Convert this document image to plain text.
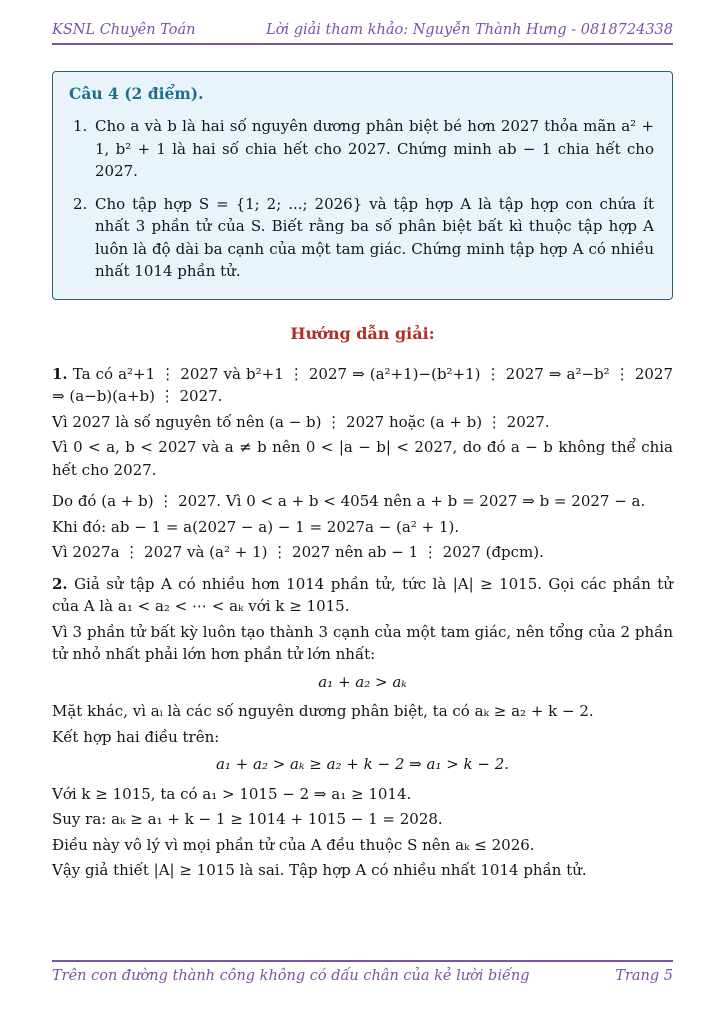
KSNL Chuyên Toán	Lời giải tham khảo: Nguyễn Thành Hưng - 0818724338
Câu 4 (2 điểm).
1. Cho a và b là hai số nguyên dương phân biệt bé hơn 2027 thỏa mãn a² + 1, b² + 1 là hai số chia hết cho 2027. Chứng minh ab − 1 chia hết cho 2027.
2. Cho tập hợp S = {1; 2; ...; 2026} và tập hợp A là tập hợp con chứa ít nhất 3 phần tử của S. Biết rằng ba số phân biệt bất kì thuộc tập hợp A luôn là độ dài ba cạnh của một tam giác. Chứng minh tập hợp A có nhiều nhất 1014 phần tử.
Hướng dẫn giải:

1. Ta có a²+1 ⋮ 2027 và b²+1 ⋮ 2027 ⇒ (a²+1)−(b²+1) ⋮ 2027 ⇒ a²−b² ⋮ 2027 ⇒ (a−b)(a+b) ⋮ 2027.

Vì 2027 là số nguyên tố nên (a − b) ⋮ 2027 hoặc (a + b) ⋮ 2027.

Vì 0 < a, b < 2027 và a ≠ b nên 0 < |a − b| < 2027, do đó a − b không thể chia hết cho 2027.

Do đó (a + b) ⋮ 2027. Vì 0 < a + b < 4054 nên a + b = 2027 ⇒ b = 2027 − a.

Khi đó: ab − 1 = a(2027 − a) − 1 = 2027a − (a² + 1).

Vì 2027a ⋮ 2027 và (a² + 1) ⋮ 2027 nên ab − 1 ⋮ 2027 (đpcm).

2. Giả sử tập A có nhiều hơn 1014 phần tử, tức là |A| ≥ 1015. Gọi các phần tử của A là a₁ < a₂ < ⋯ < aₖ với k ≥ 1015.

Vì 3 phần tử bất kỳ luôn tạo thành 3 cạnh của một tam giác, nên tổng của 2 phần tử nhỏ nhất phải lớn hơn phần tử lớn nhất:

a₁ + a₂ > aₖ

Mặt khác, vì aᵢ là các số nguyên dương phân biệt, ta có aₖ ≥ a₂ + k − 2.

Kết hợp hai điều trên:

a₁ + a₂ > aₖ ≥ a₂ + k − 2 ⇒ a₁ > k − 2.

Với k ≥ 1015, ta có a₁ > 1015 − 2 ⇒ a₁ ≥ 1014.

Suy ra: aₖ ≥ a₁ + k − 1 ≥ 1014 + 1015 − 1 = 2028.

Điều này vô lý vì mọi phần tử của A đều thuộc S nên aₖ ≤ 2026.

Vậy giả thiết |A| ≥ 1015 là sai. Tập hợp A có nhiều nhất 1014 phần tử.

Trên con đường thành công không có dấu chân của kẻ lười biếng	Trang 5
